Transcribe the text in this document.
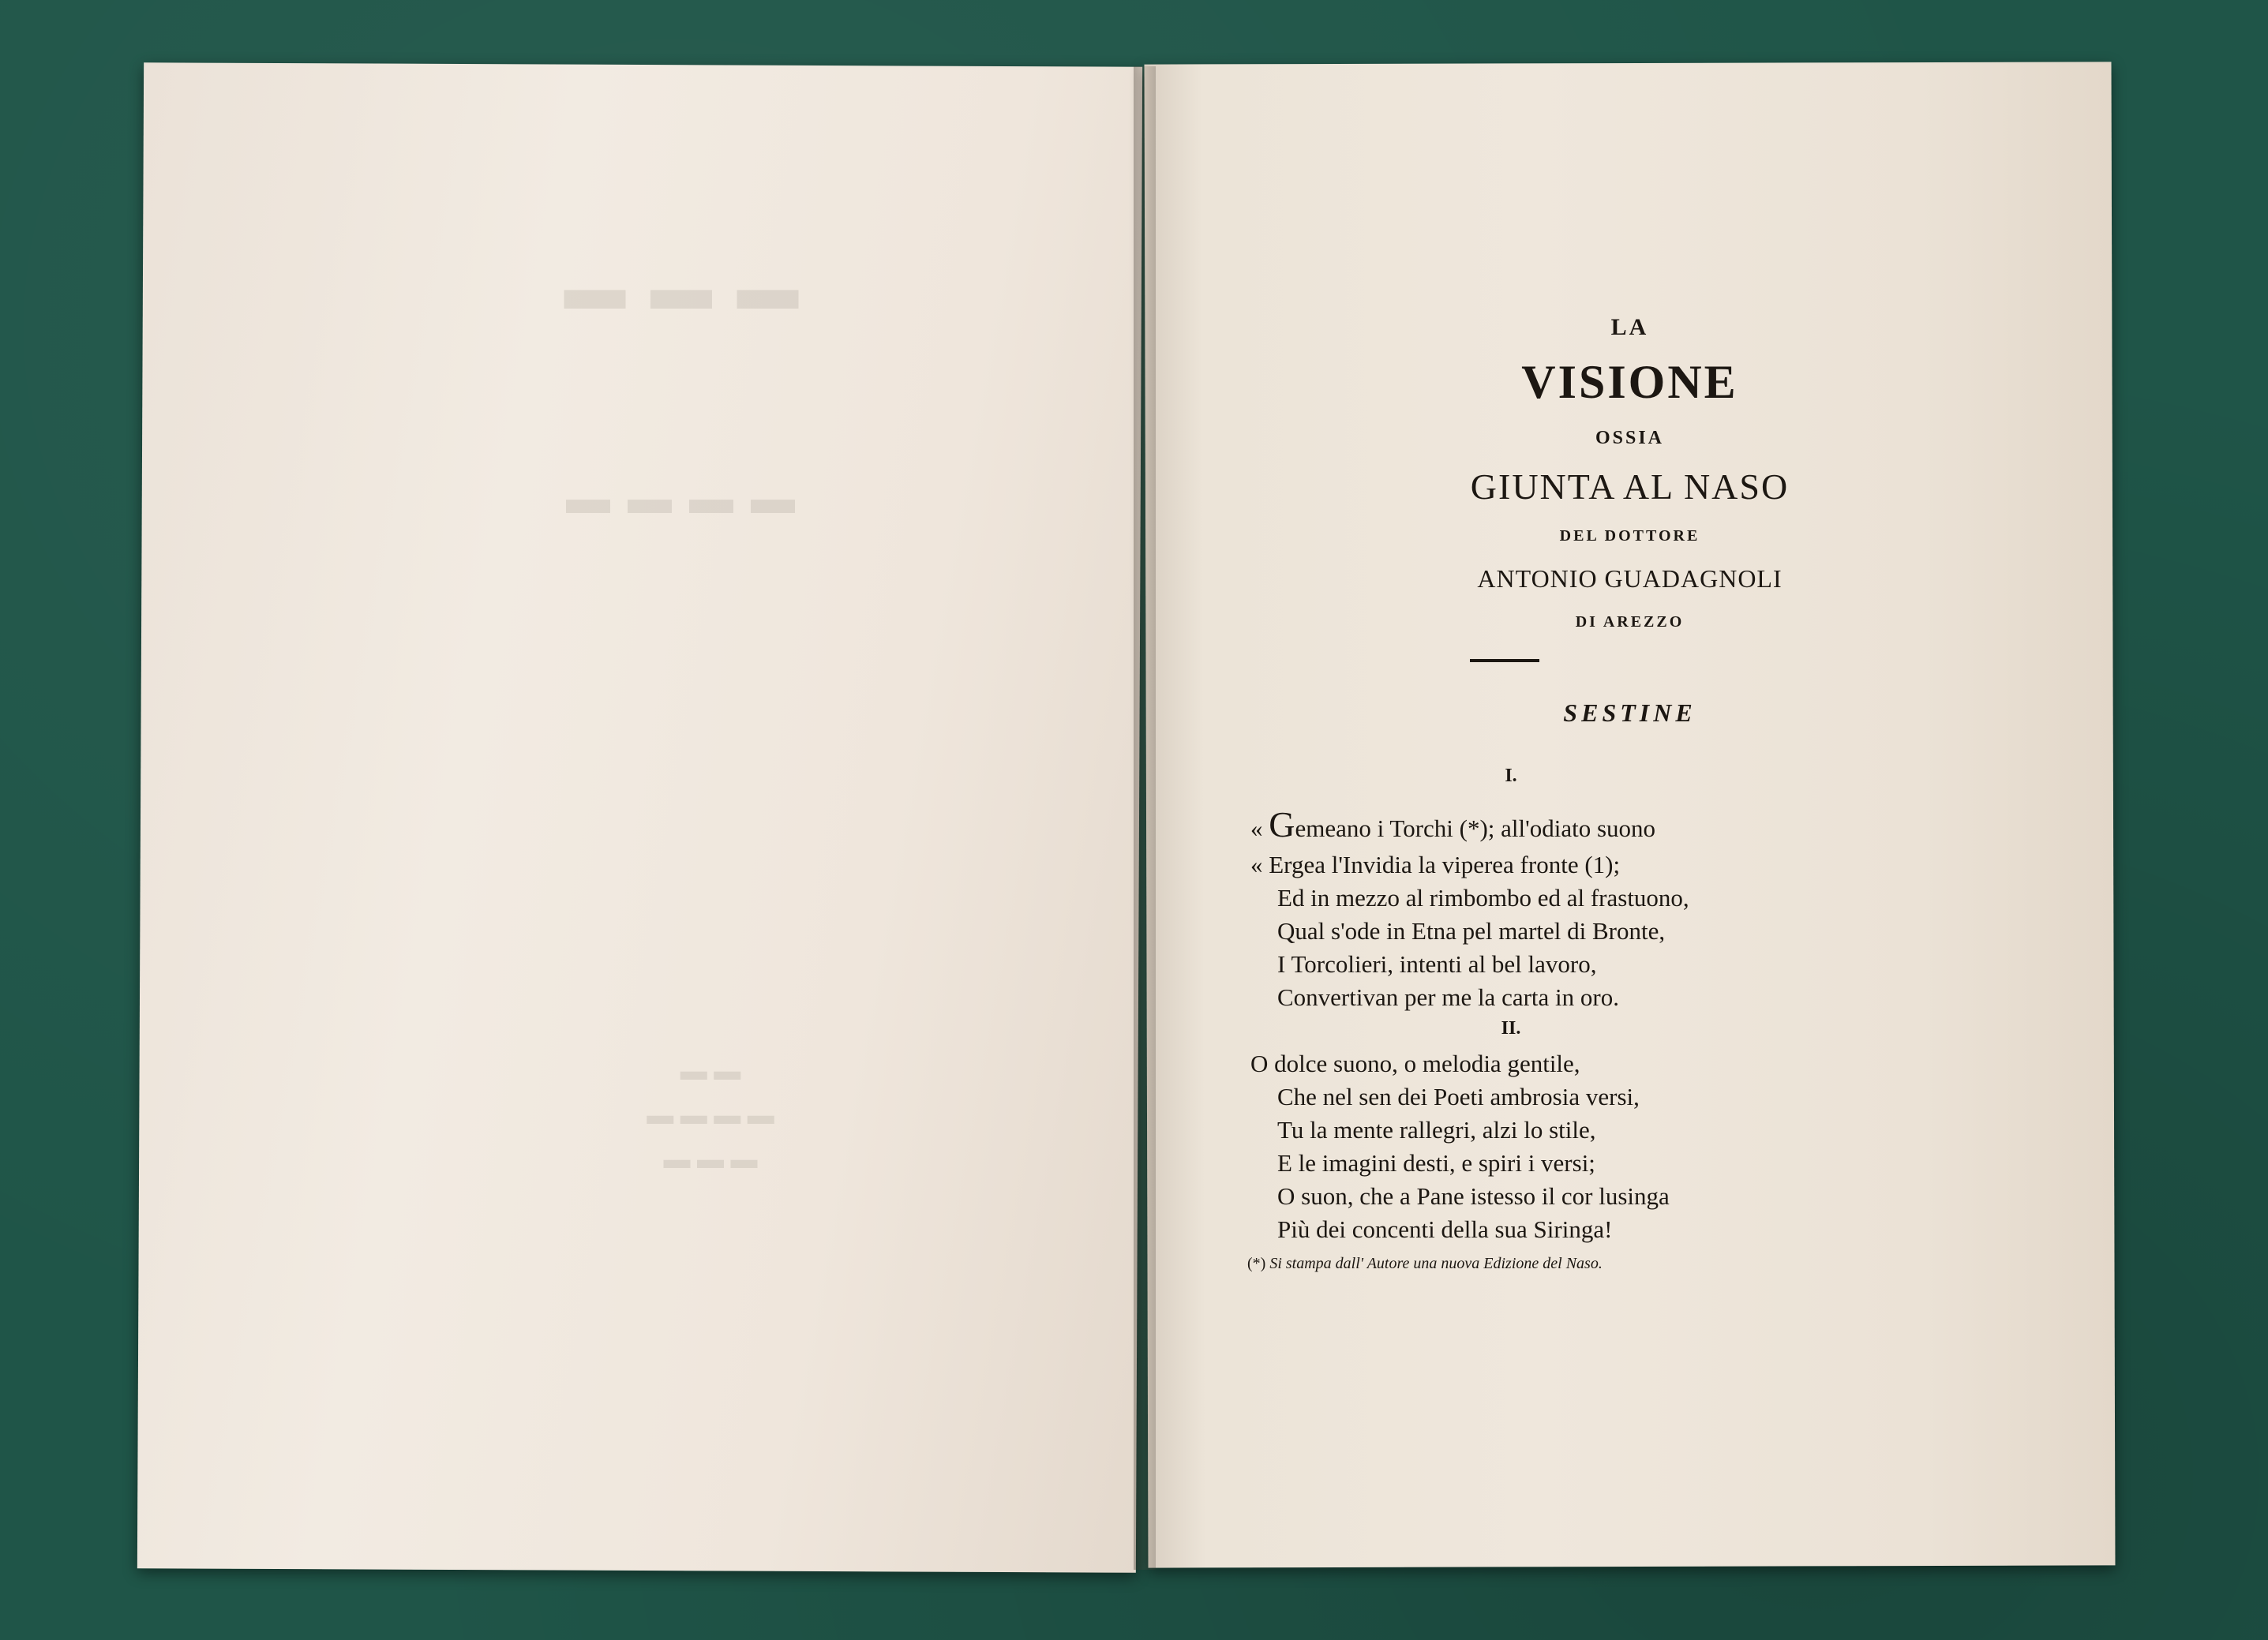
▬ ▬ ▬
▬ ▬ ▬ ▬
▬ ▬
▬ ▬ ▬ ▬
▬ ▬ ▬
LA
VISIONE
OSSIA
GIUNTA AL NASO
DEL DOTTORE
ANTONIO GUADAGNOLI
DI AREZZO
SESTINE
I.
« Gemeano i Torchi (*); all'odiato suono
« Ergea l'Invidia la viperea fronte (1);
Ed in mezzo al rimbombo ed al frastuono,
Qual s'ode in Etna pel martel di Bronte,
I Torcolieri, intenti al bel lavoro,
Convertivan per me la carta in oro.
II.
O dolce suono, o melodia gentile,
Che nel sen dei Poeti ambrosia versi,
Tu la mente rallegri, alzi lo stile,
E le imagini desti, e spiri i versi;
O suon, che a Pane istesso il cor lusinga
Più dei concenti della sua Siringa!
(*) Si stampa dall' Autore una nuova Edizione del Naso.
